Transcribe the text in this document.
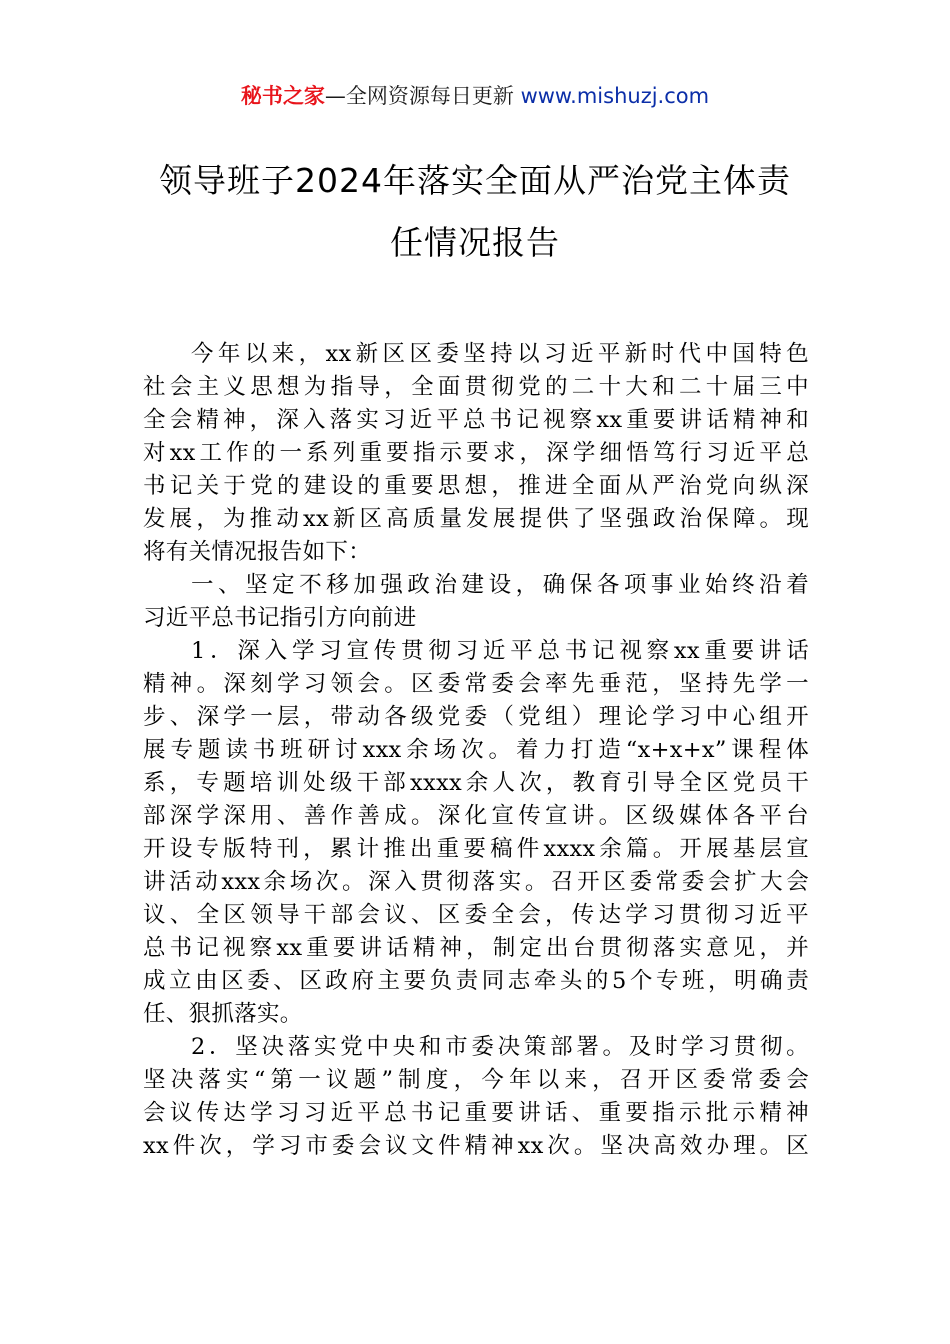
秘书之家—全网资源每日更新 www.mishuzj.com
领导班子2024年落实全面从严治党主体责
任情况报告
今年以来，xx新区区委坚持以习近平新时代中国特色
社会主义思想为指导，全面贯彻党的二十大和二十届三中
全会精神，深入落实习近平总书记视察xx重要讲话精神和
对xx工作的一系列重要指示要求，深学细悟笃行习近平总
书记关于党的建设的重要思想，推进全面从严治党向纵深
发展，为推动xx新区高质量发展提供了坚强政治保障。现
将有关情况报告如下：
一、坚定不移加强政治建设，确保各项事业始终沿着
习近平总书记指引方向前进
1．深入学习宣传贯彻习近平总书记视察xx重要讲话
精神。深刻学习领会。区委常委会率先垂范，坚持先学一
步、深学一层，带动各级党委（党组）理论学习中心组开
展专题读书班研讨xxx余场次。着力打造“x+x+x”课程体
系，专题培训处级干部xxxx余人次，教育引导全区党员干
部深学深用、善作善成。深化宣传宣讲。区级媒体各平台
开设专版特刊，累计推出重要稿件xxxx余篇。开展基层宣
讲活动xxx余场次。深入贯彻落实。召开区委常委会扩大会
议、全区领导干部会议、区委全会，传达学习贯彻习近平
总书记视察xx重要讲话精神，制定出台贯彻落实意见，并
成立由区委、区政府主要负责同志牵头的5个专班，明确责
任、狠抓落实。
2．坚决落实党中央和市委决策部署。及时学习贯彻。
坚决落实“第一议题”制度，今年以来，召开区委常委会
会议传达学习习近平总书记重要讲话、重要指示批示精神
xx件次，学习市委会议文件精神xx次。坚决高效办理。区
